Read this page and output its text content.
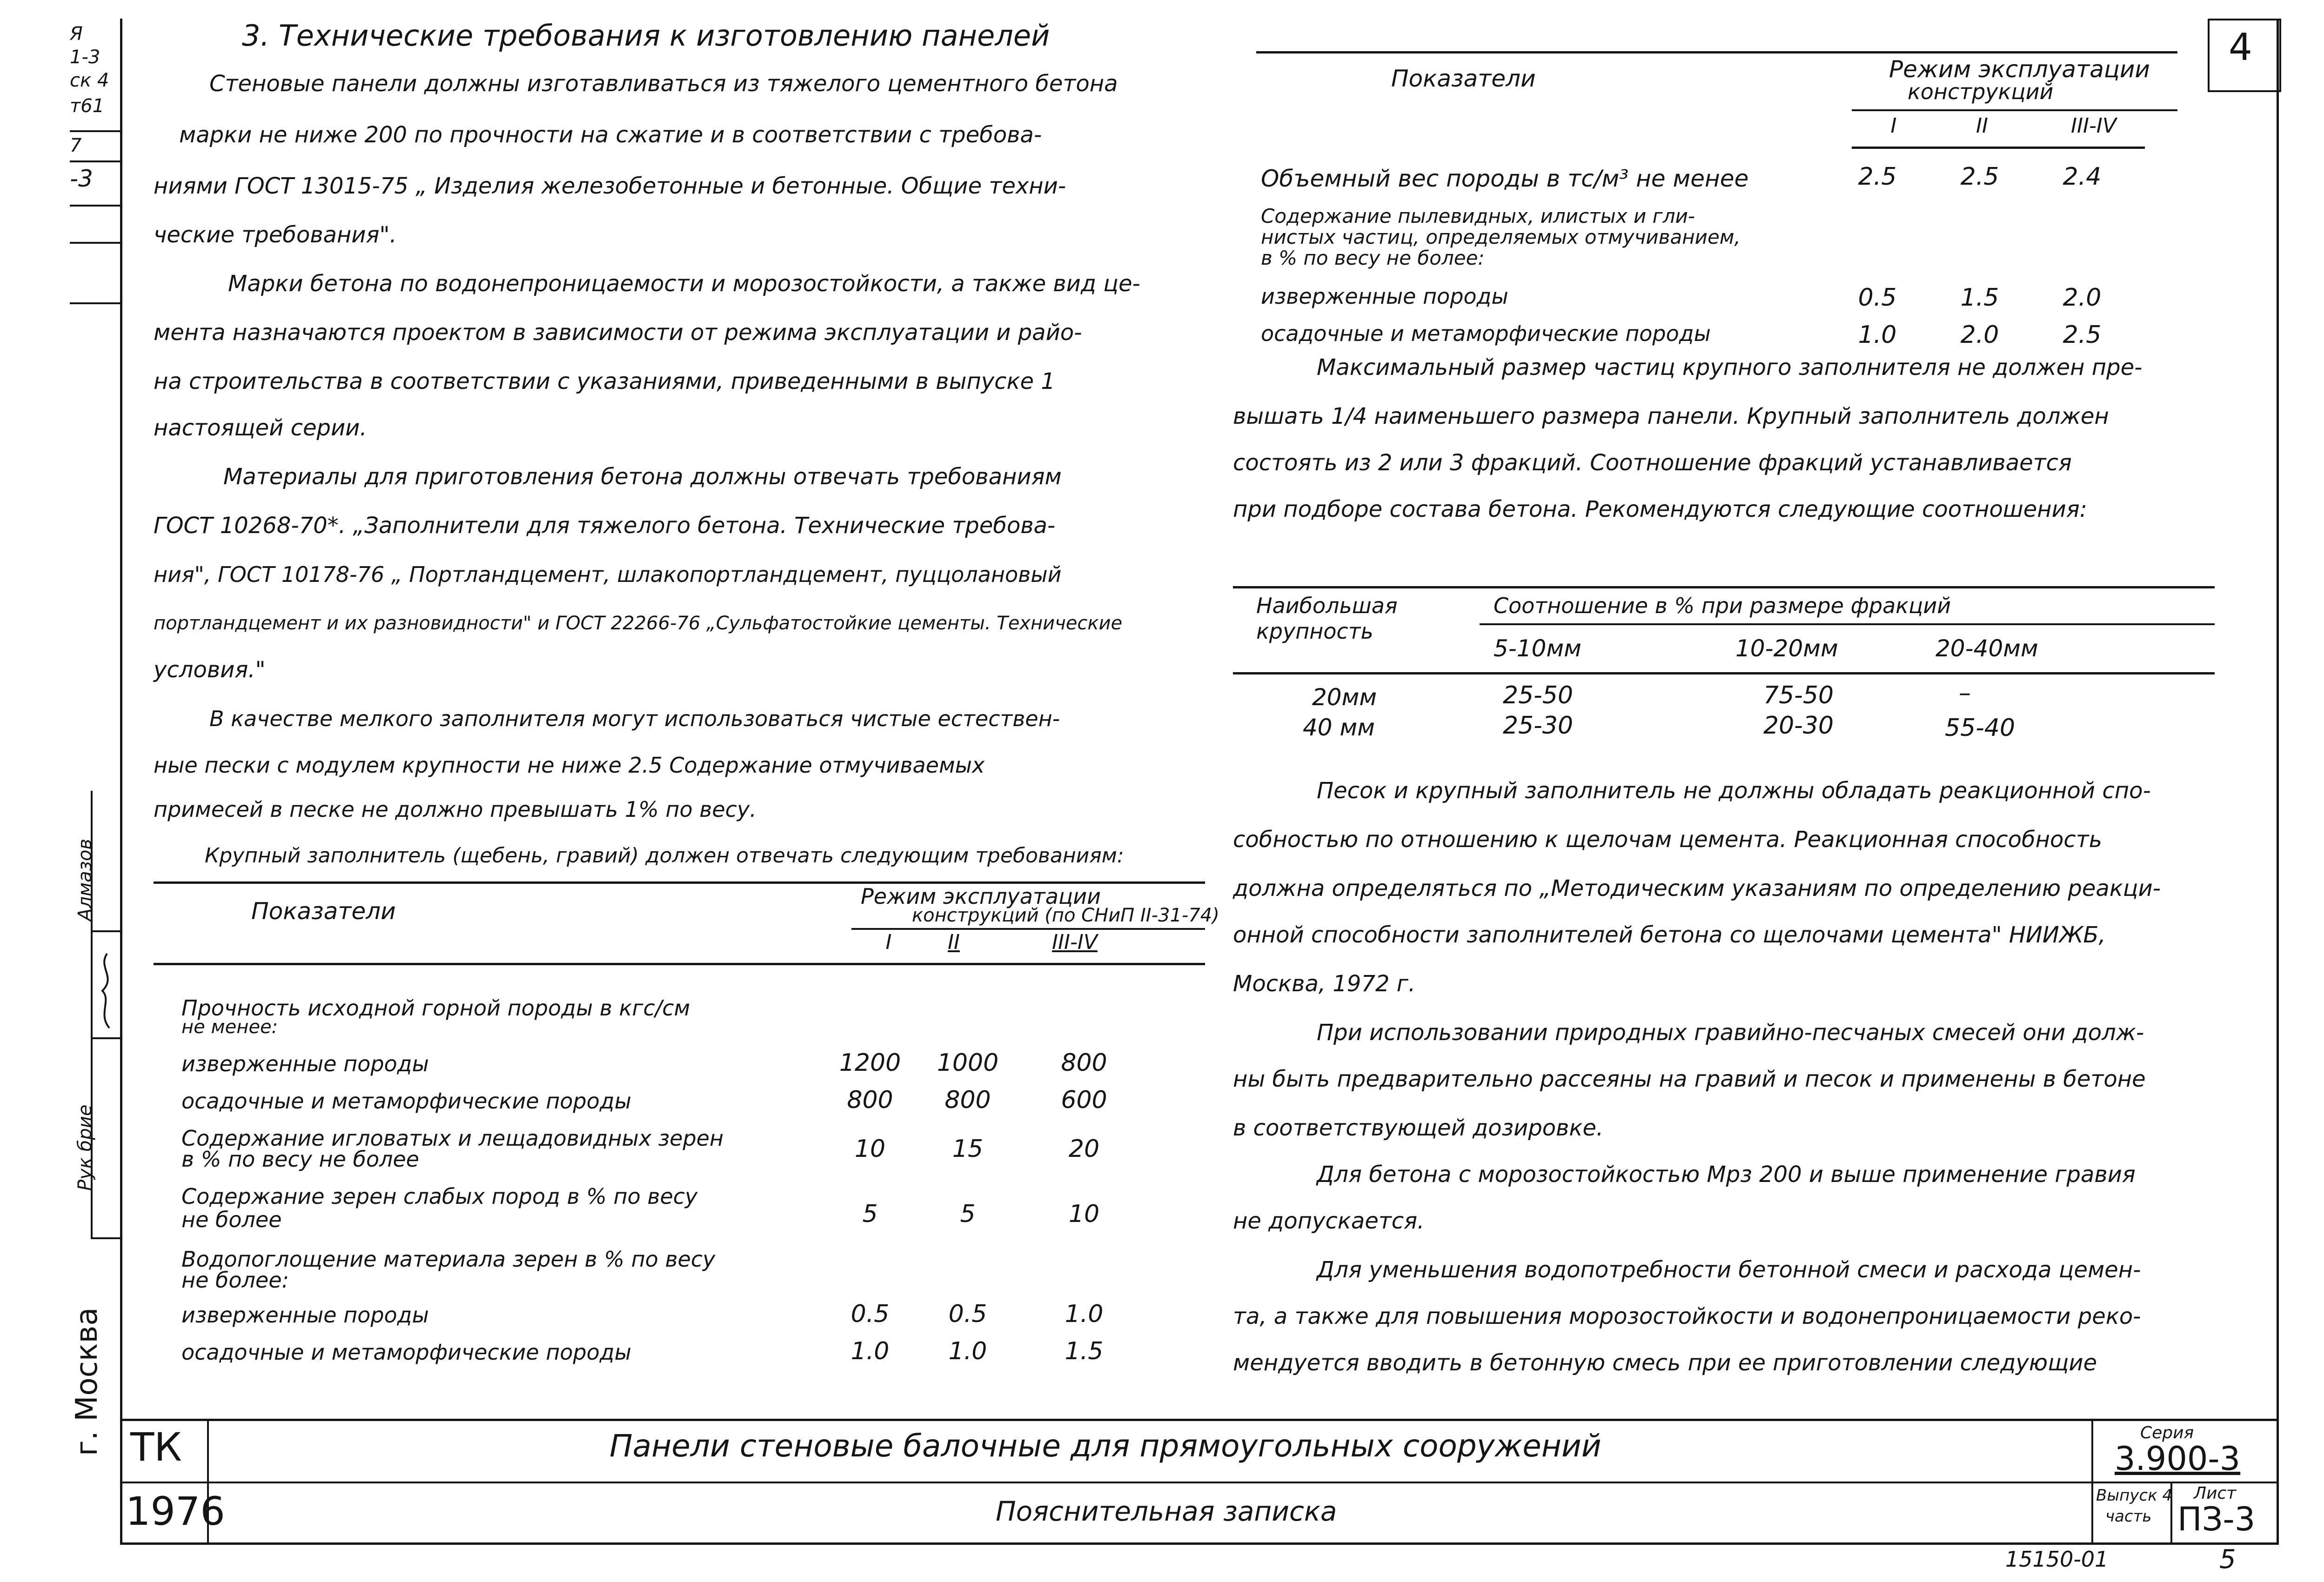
4
Я
1-3
ск 4
т61
7
-3
Алмазов
Рук брие
г. Москва
3. Технические требования к изготовлению панелей
Стеновые панели должны изготавливаться из тяжелого цементного бетона
марки не ниже 200 по прочности на сжатие и в соответствии с требова-
ниями ГОСТ 13015-75 „ Изделия железобетонные и бетонные. Общие техни-
ческие требования".
Марки бетона по водонепроницаемости и морозостойкости, а также вид це-
мента назначаются проектом в зависимости от режима эксплуатации и райо-
на строительства в соответствии с указаниями, приведенными в выпуске 1
настоящей серии.
Материалы для приготовления бетона должны отвечать требованиям
ГОСТ 10268-70*. „Заполнители для тяжелого бетона. Технические требова-
ния", ГОСТ 10178-76 „ Портландцемент, шлакопортландцемент, пуццолановый
портландцемент и их разновидности" и ГОСТ 22266-76 „Сульфатостойкие цементы. Технические
условия."
В качестве мелкого заполнителя могут использоваться чистые естествен-
ные пески с модулем крупности не ниже 2.5 Содержание отмучиваемых
примесей в песке не должно превышать 1% по весу.
Крупный заполнитель (щебень, гравий) должен отвечать следующим требованиям:
Показатели
Режим эксплуатации
конструкций (по СНиП II-31-74)
I	II	III-IV
Прочность исходной горной породы в кгс/см
не менее:
изверженные породы	1200	1000	800
осадочные и метаморфические породы	800	800	600
Содержание игловатых и лещадовидных зерен
в % по весу не более	10	15	20
Содержание зерен слабых пород в % по весу
не более	5	5	10
Водопоглощение материала зерен в % по весу
не более:
изверженные породы	0.5	0.5	1.0
осадочные и метаморфические породы	1.0	1.0	1.5
Показатели	Режим эксплуатации
конструкций
I	II	III-IV
Объемный вес породы в тс/м³ не менее	2.5	2.5	2.4
Содержание пылевидных, илистых и гли-
нистых частиц, определяемых отмучиванием,
в % по весу не более:
изверженные породы	0.5	1.5	2.0
осадочные и метаморфические породы	1.0	2.0	2.5
Максимальный размер частиц крупного заполнителя не должен пре-
вышать 1/4 наименьшего размера панели. Крупный заполнитель должен
состоять из 2 или 3 фракций. Соотношение фракций устанавливается
при подборе состава бетона. Рекомендуются следующие соотношения:
Наибольшая
крупность
Соотношение в % при размере фракций
5-10мм	10-20мм	20-40мм
20мм	25-50	75-50	–
40 мм	25-30	20-30	55-40
Песок и крупный заполнитель не должны обладать реакционной спо-
собностью по отношению к щелочам цемента. Реакционная способность
должна определяться по „Методическим указаниям по определению реакци-
онной способности заполнителей бетона со щелочами цемента" НИИЖБ,
Москва, 1972 г.
При использовании природных гравийно-песчаных смесей они долж-
ны быть предварительно рассеяны на гравий и песок и применены в бетоне
в соответствующей дозировке.
Для бетона с морозостойкостью Мрз 200 и выше применение гравия
не допускается.
Для уменьшения водопотребности бетонной смеси и расхода цемен-
та, а также для повышения морозостойкости и водонепроницаемости реко-
мендуется вводить в бетонную смесь при ее приготовлении следующие
ТК
1976
Панели стеновые балочные для прямоугольных сооружений
Пояснительная записка
Серия
3.900-3
Выпуск 4
часть
Лист
ПЗ-3
15150-01	5
